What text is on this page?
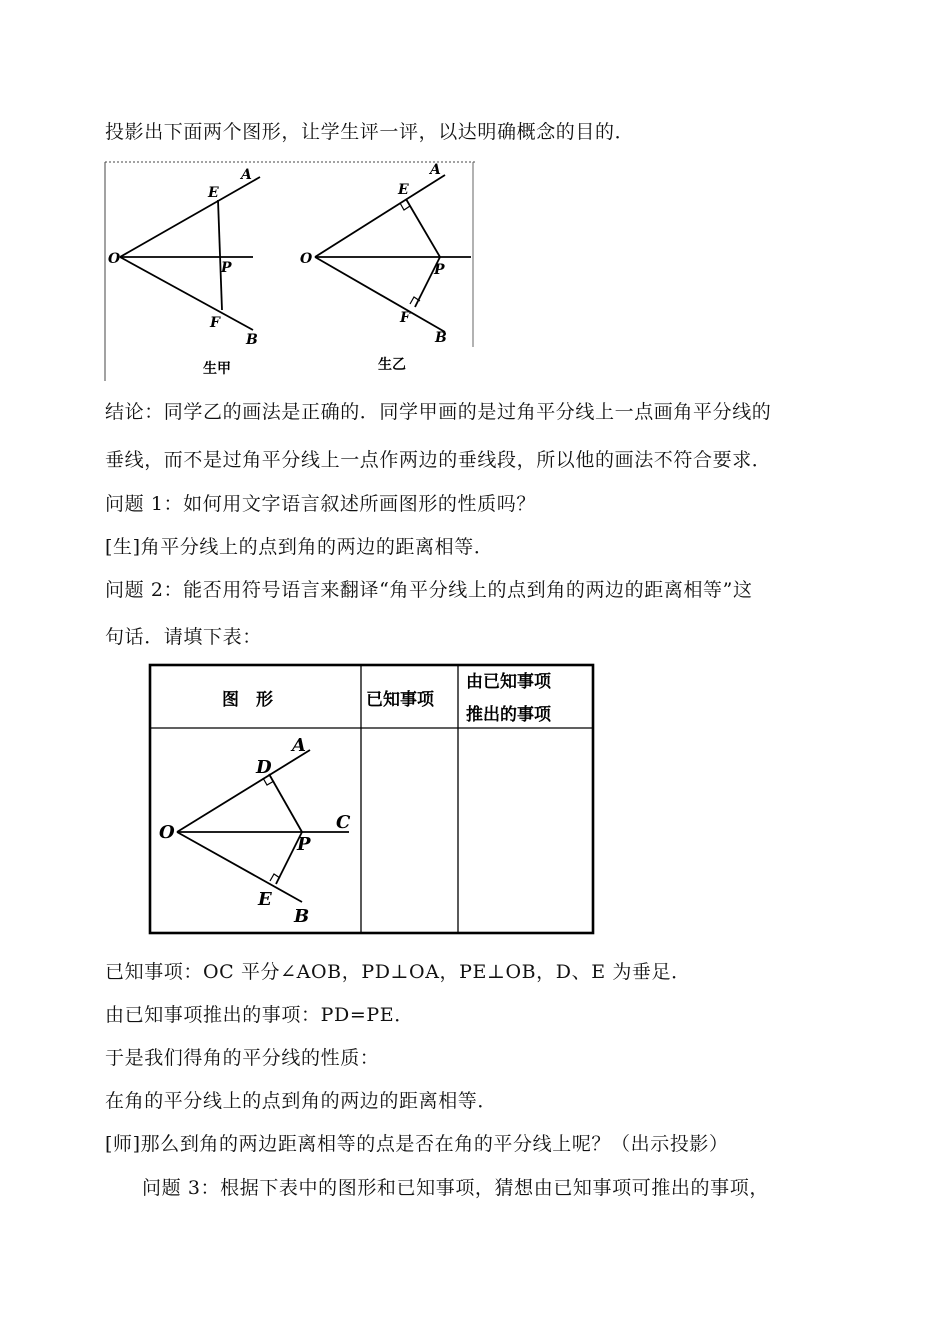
投影出下面两个图形，让学生评一评，以达明确概念的目的．
O
A
E
P
F
B
生甲
O
A
E
P
F
B
生乙
结论：同学乙的画法是正确的．同学甲画的是过角平分线上一点画角平分线的
垂线，而不是过角平分线上一点作两边的垂线段，所以他的画法不符合要求．
问题 1：如何用文字语言叙述所画图形的性质吗？
[生]角平分线上的点到角的两边的距离相等．
问题 2：能否用符号语言来翻译“角平分线上的点到角的两边的距离相等”这
句话．请填下表：
图　形	已知事项
由已知事项
推出的事项
O
A
D
C
P
E
B
已知事项：OC 平分∠AOB，PD⊥OA，PE⊥OB，D、E 为垂足．
由已知事项推出的事项：PD=PE．
于是我们得角的平分线的性质：
在角的平分线上的点到角的两边的距离相等．
[师]那么到角的两边距离相等的点是否在角的平分线上呢？（出示投影）
问题 3：根据下表中的图形和已知事项，猜想由已知事项可推出的事项，
